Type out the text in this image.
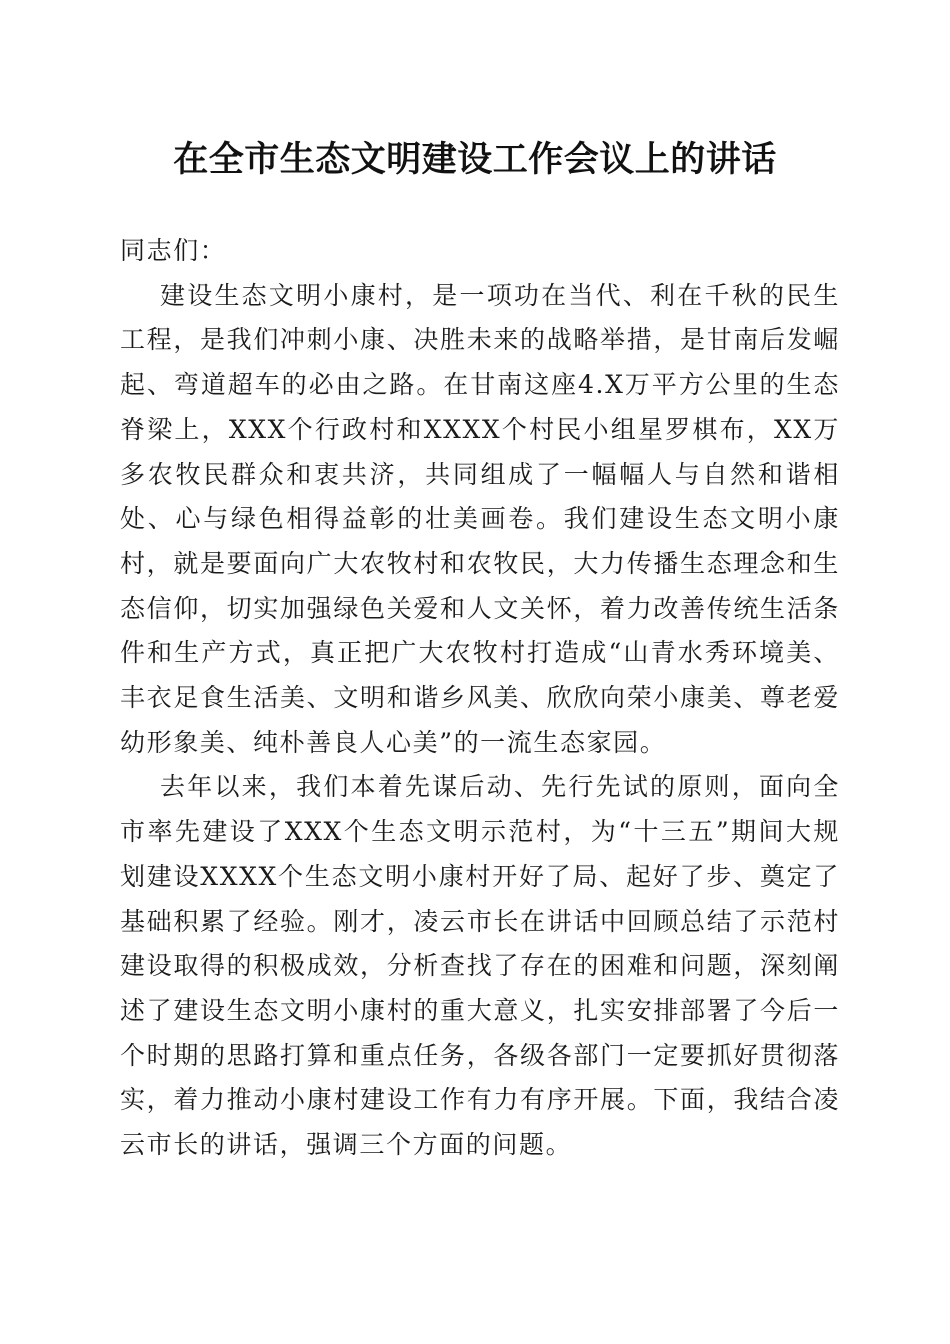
在全市生态文明建设工作会议上的讲话

同志们：

建设生态文明小康村，是一项功在当代、利在千秋的民生工程，是我们冲刺小康、决胜未来的战略举措，是甘南后发崛起、弯道超车的必由之路。在甘南这座4.X万平方公里的生态脊梁上，XXX个行政村和XXXX个村民小组星罗棋布，XX万多农牧民群众和衷共济，共同组成了一幅幅人与自然和谐相处、心与绿色相得益彰的壮美画卷。我们建设生态文明小康村，就是要面向广大农牧村和农牧民，大力传播生态理念和生态信仰，切实加强绿色关爱和人文关怀，着力改善传统生活条件和生产方式，真正把广大农牧村打造成“山青水秀环境美、丰衣足食生活美、文明和谐乡风美、欣欣向荣小康美、尊老爱幼形象美、纯朴善良人心美”的一流生态家园。

去年以来，我们本着先谋后动、先行先试的原则，面向全市率先建设了XXX个生态文明示范村，为“十三五”期间大规划建设XXXX个生态文明小康村开好了局、起好了步、奠定了基础积累了经验。刚才，凌云市长在讲话中回顾总结了示范村建设取得的积极成效，分析查找了存在的困难和问题，深刻阐述了建设生态文明小康村的重大意义，扎实安排部署了今后一个时期的思路打算和重点任务，各级各部门一定要抓好贯彻落实，着力推动小康村建设工作有力有序开展。下面，我结合凌云市长的讲话，强调三个方面的问题。
